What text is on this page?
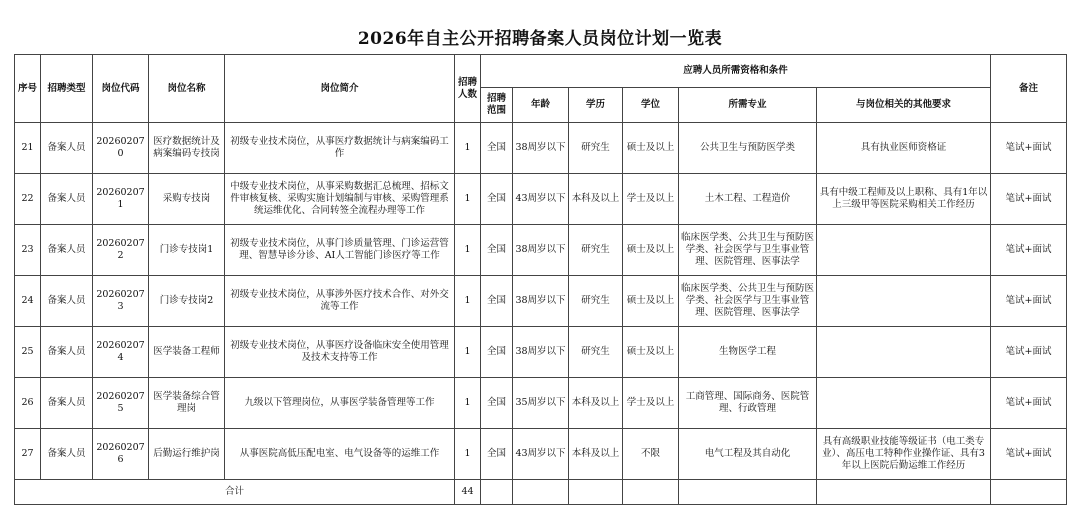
2026年自主公开招聘备案人员岗位计划一览表
序号	招聘类型	岗位代码	岗位名称	岗位简介	招聘人数	应聘人员所需资格和条件						备注
						招聘范围	年龄	学历	学位	所需专业	与岗位相关的其他要求	
21	备案人员	202602070	医疗数据统计及病案编码专技岗	初级专业技术岗位，从事医疗数据统计与病案编码工作	1	全国	38周岁以下	研究生	硕士及以上	公共卫生与预防医学类	具有执业医师资格证	笔试+面试
22	备案人员	202602071	采购专技岗	中级专业技术岗位，从事采购数据汇总梳理、招标文件审核复核、采购实施计划编制与审核、采购管理系统运维优化、合同转签全流程办理等工作	1	全国	43周岁以下	本科及以上	学士及以上	土木工程、工程造价	具有中级工程师及以上职称、具有1年以上三级甲等医院采购相关工作经历	笔试+面试
23	备案人员	202602072	门诊专技岗1	初级专业技术岗位，从事门诊质量管理、门诊运营管理、智慧导诊分诊、AI人工智能门诊医疗等工作	1	全国	38周岁以下	研究生	硕士及以上	临床医学类、公共卫生与预防医学类、社会医学与卫生事业管理、医院管理、医事法学		笔试+面试
24	备案人员	202602073	门诊专技岗2	初级专业技术岗位，从事涉外医疗技术合作、对外交流等工作	1	全国	38周岁以下	研究生	硕士及以上	临床医学类、公共卫生与预防医学类、社会医学与卫生事业管理、医院管理、医事法学		笔试+面试
25	备案人员	202602074	医学装备工程师	初级专业技术岗位，从事医疗设备临床安全使用管理及技术支持等工作	1	全国	38周岁以下	研究生	硕士及以上	生物医学工程		笔试+面试
26	备案人员	202602075	医学装备综合管理岗	九级以下管理岗位，从事医学装备管理等工作	1	全国	35周岁以下	本科及以上	学士及以上	工商管理、国际商务、医院管理、行政管理		笔试+面试
27	备案人员	202602076	后勤运行维护岗	从事医院高低压配电室、电气设备等的运维工作	1	全国	43周岁以下	本科及以上	不限	电气工程及其自动化	具有高级职业技能等级证书（电工类专业）、高压电工特种作业操作证、具有3年以上医院后勤运维工作经历	笔试+面试
合计					44							
